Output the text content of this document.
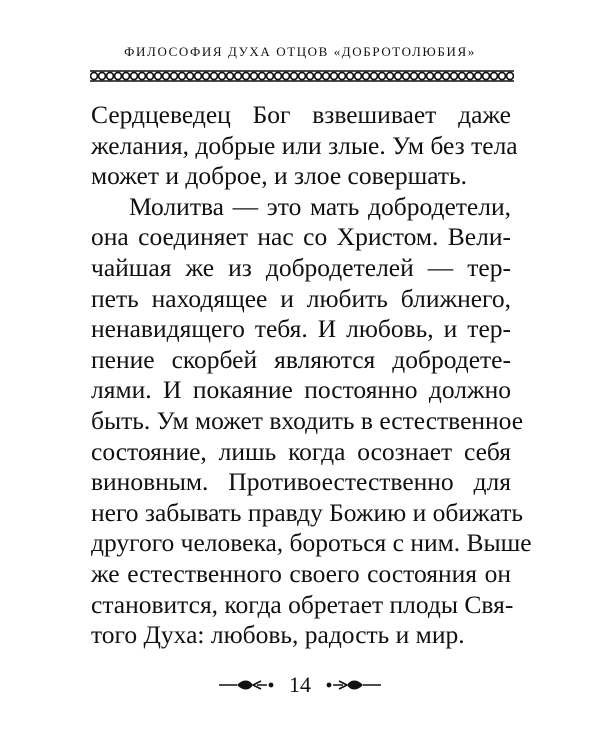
ФИЛОСОФИЯ ДУХА ОТЦОВ «ДОБРОТОЛЮБИЯ»
Сердцеведец Бог взвешивает даже
желания, добрые или злые. Ум без тела
может и доброе, и злое совершать.
Молитва — это мать добродетели,
она соединяет нас со Христом. Вели-
чайшая же из добродетелей — тер-
петь находящее и любить ближнего,
ненавидящего тебя. И любовь, и тер-
пение скорбей являются добродете-
лями. И покаяние постоянно должно
быть. Ум может входить в естественное
состояние, лишь когда осознает себя
виновным. Противоестественно для
него забывать правду Божию и обижать
другого человека, бороться с ним. Выше
же естественного своего состояния он
становится, когда обретает плоды Свя-
того Духа: любовь, радость и мир.
14
